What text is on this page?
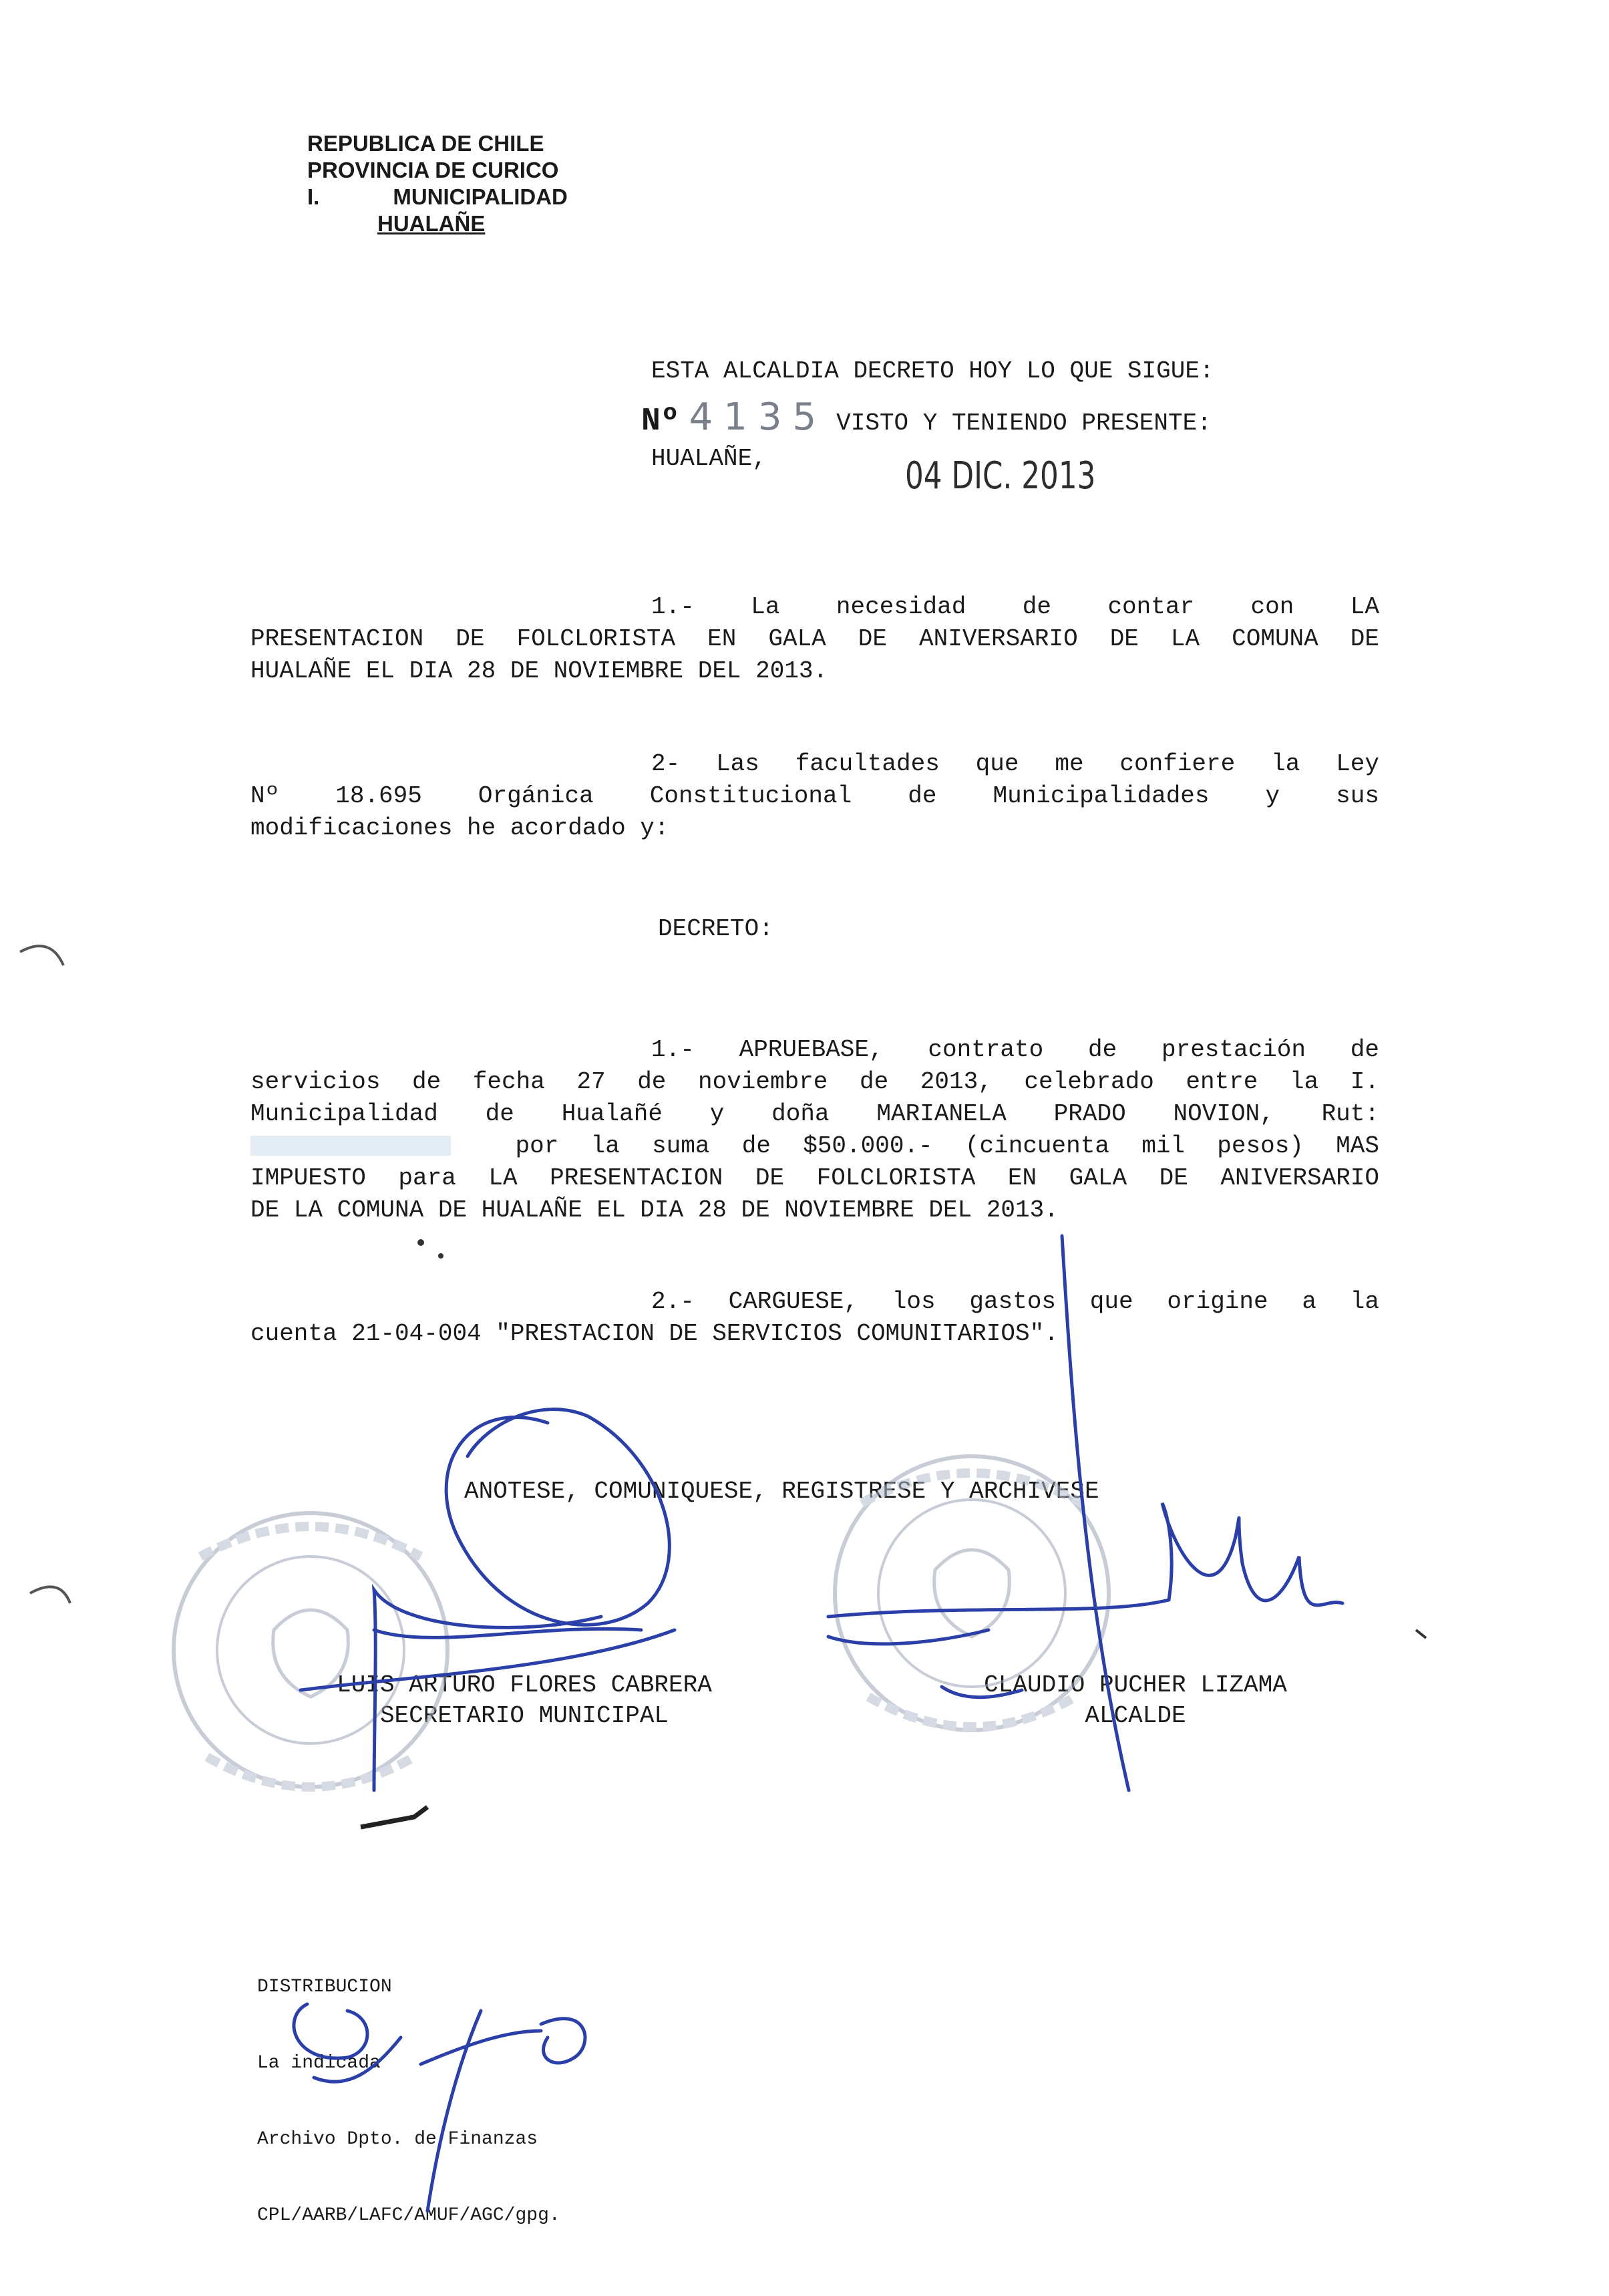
REPUBLICA DE CHILE
PROVINCIA DE CURICO
I.	MUNICIPALIDAD
HUALAÑE
ESTA ALCALDIA DECRETO HOY LO QUE SIGUE:
Nº 4135 VISTO Y TENIENDO PRESENTE:
HUALAÑE,	04 DIC. 2013
1.- La necesidad de contar con LA
PRESENTACION DE FOLCLORISTA EN GALA DE ANIVERSARIO DE LA COMUNA DE
HUALAÑE EL DIA 28 DE NOVIEMBRE DEL 2013.
2- Las facultades que me confiere la Ley
Nº 18.695 Orgánica Constitucional de Municipalidades y sus
modificaciones he acordado y:
DECRETO:
1.- APRUEBASE, contrato de prestación de
servicios de fecha 27 de noviembre de 2013, celebrado entre la I.
Municipalidad de Hualañé y doña MARIANELA PRADO NOVION, Rut:
por la suma de $50.000.- (cincuenta mil pesos) MAS
IMPUESTO para LA PRESENTACION DE FOLCLORISTA EN GALA DE ANIVERSARIO
DE LA COMUNA DE HUALAÑE EL DIA 28 DE NOVIEMBRE DEL 2013.
2.- CARGUESE, los gastos que origine a la
cuenta 21-04-004 "PRESTACION DE SERVICIOS COMUNITARIOS".
ANOTESE, COMUNIQUESE, REGISTRESE Y ARCHIVESE
LUIS ARTURO FLORES CABRERA
SECRETARIO MUNICIPAL
CLAUDIO PUCHER LIZAMA
ALCALDE

DISTRIBUCION

La indicada

Archivo Dpto. de Finanzas

CPL/AARB/LAFC/AMUF/AGC/gpg.
